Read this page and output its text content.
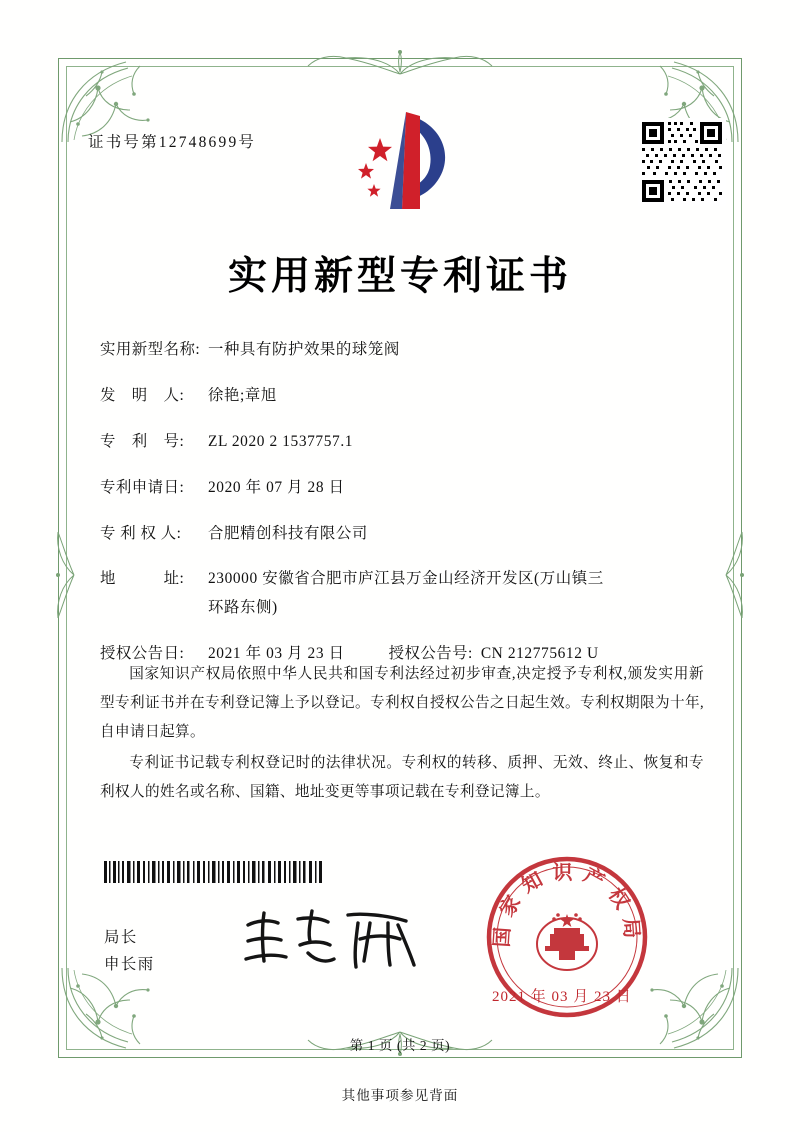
证书号第12748699号
实用新型专利证书
实用新型名称: 一种具有防护效果的球笼阀
发　明　人:	徐艳;章旭
专　利　号:	ZL 2020 2 1537757.1
专利申请日:	2020 年 07 月 28 日
专 利 权 人:	合肥精创科技有限公司
地　　　址:	230000 安徽省合肥市庐江县万金山经济开发区(万山镇三
环路东侧)
授权公告日:	2021 年 03 月 23 日	授权公告号: CN 212775612 U

国家知识产权局依照中华人民共和国专利法经过初步审查,决定授予专利权,颁发实用新型专利证书并在专利登记簿上予以登记。专利权自授权公告之日起生效。专利权期限为十年,自申请日起算。

专利证书记载专利权登记时的法律状况。专利权的转移、质押、无效、终止、恢复和专利权人的姓名或名称、国籍、地址变更等事项记载在专利登记簿上。

局长
申长雨
国家知识产权局
2021 年 03 月 23 日
第 1 页 (共 2 页)
其他事项参见背面
